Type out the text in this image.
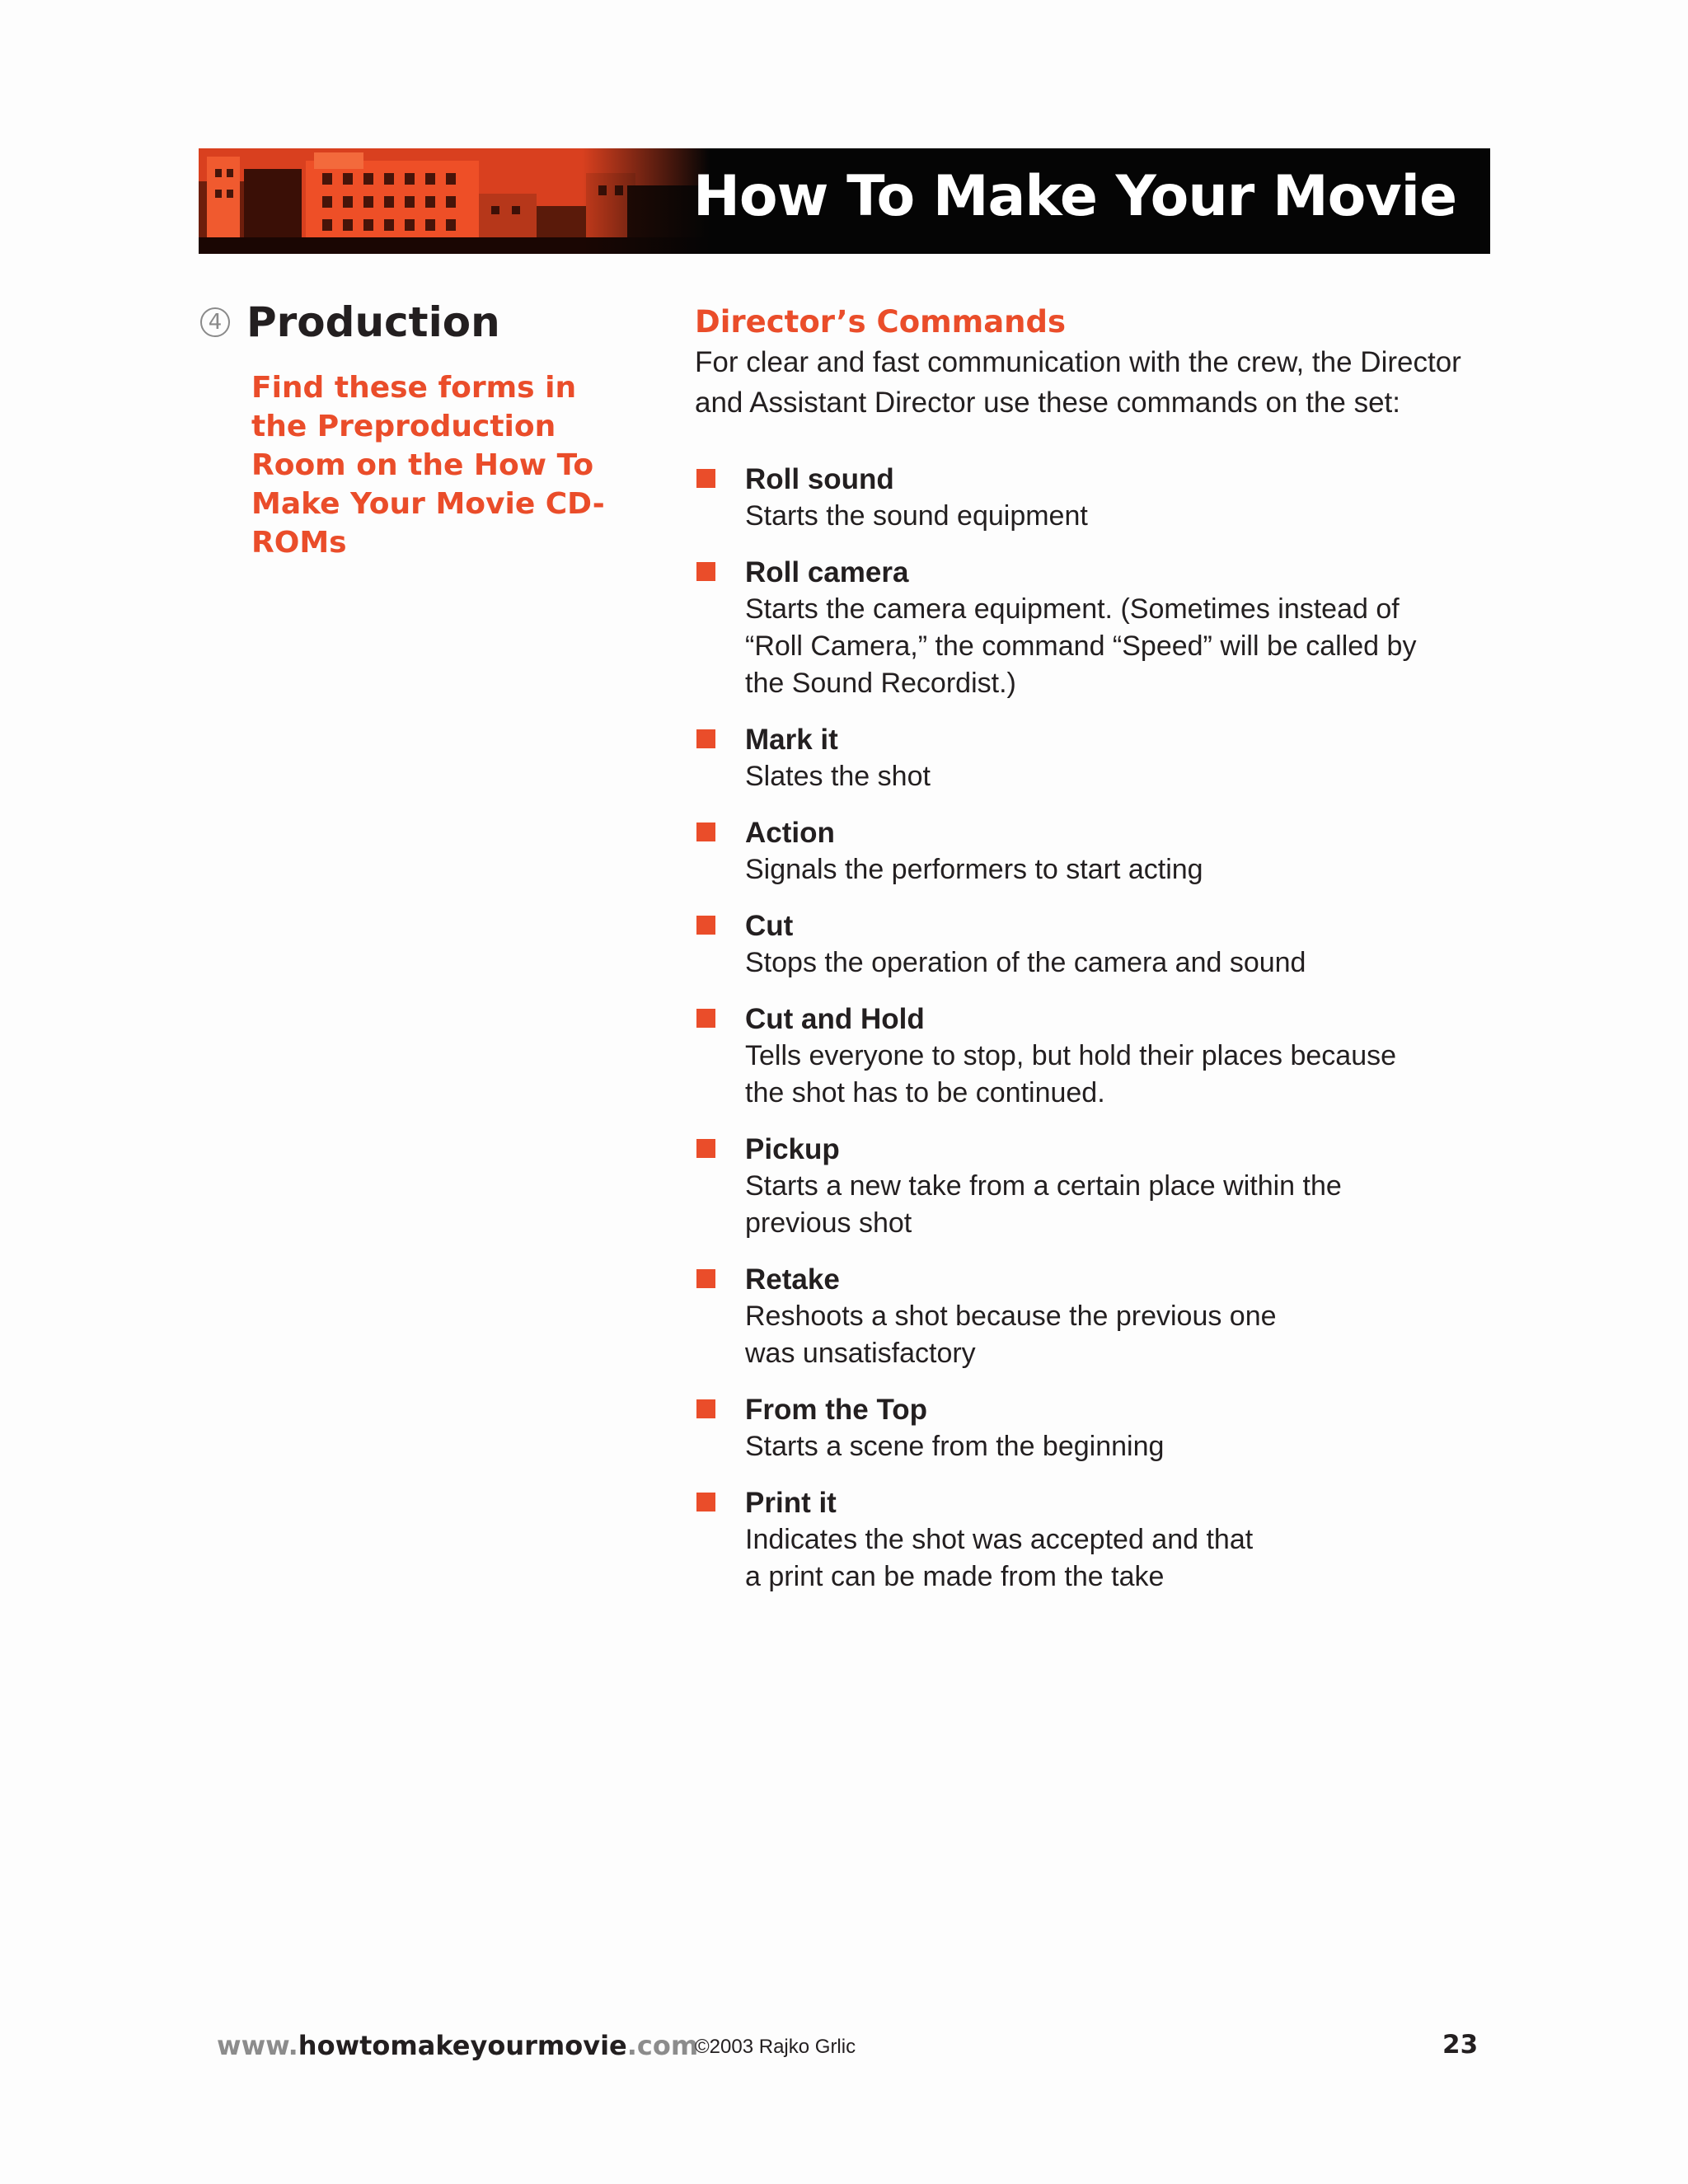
How To Make Your Movie
4 Production
Find these forms in the Preproduction Room on the How To Make Your Movie CD-ROMs
Director’s Commands
For clear and fast communication with the crew, the Director and Assistant Director use these commands on the set:
Roll sound
Starts the sound equipment
Roll camera
Starts the camera equipment. (Sometimes instead of
“Roll Camera,” the command “Speed” will be called by
the Sound Recordist.)
Mark it
Slates the shot
Action
Signals the performers to start acting
Cut
Stops the operation of the camera and sound
Cut and Hold
Tells everyone to stop, but hold their places because
the shot has to be continued.
Pickup
Starts a new take from a certain place within the
previous shot
Retake
Reshoots a shot because the previous one
was unsatisfactory
From the Top
Starts a scene from the beginning
Print it
Indicates the shot was accepted and that
a print can be made from the take
www.howtomakeyourmovie.com
©2003 Rajko Grlic	23
